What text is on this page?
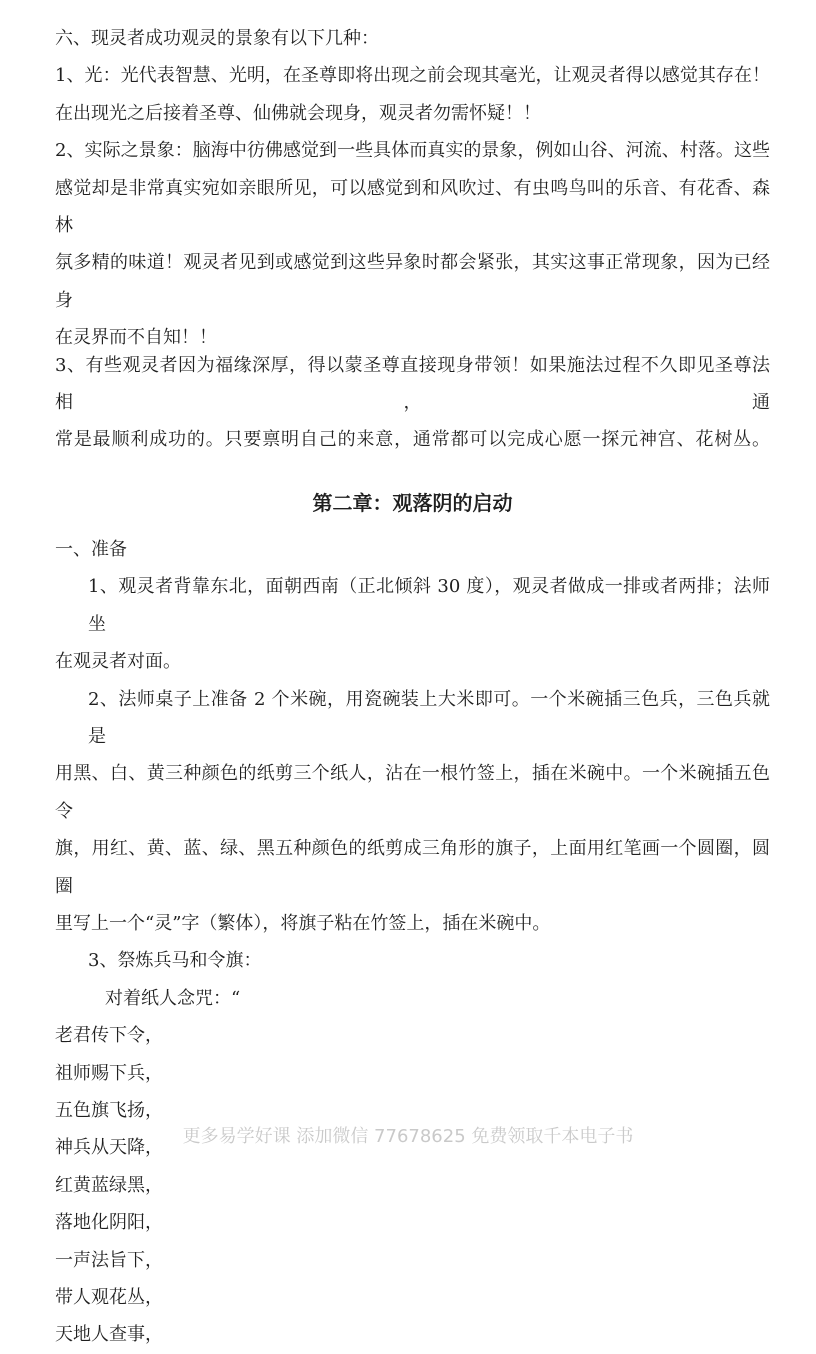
六、现灵者成功观灵的景象有以下几种：

1、光：光代表智慧、光明，在圣尊即将出现之前会现其毫光，让观灵者得以感觉其存在！

在出现光之后接着圣尊、仙佛就会现身，观灵者勿需怀疑！！

2、实际之景象：脑海中彷佛感觉到一些具体而真实的景象，例如山谷、河流、村落。这些

感觉却是非常真实宛如亲眼所见，可以感觉到和风吹过、有虫鸣鸟叫的乐音、有花香、森林

氛多精的味道！观灵者见到或感觉到这些异象时都会紧张，其实这事正常现象，因为已经身

在灵界而不自知！！

3、有些观灵者因为福缘深厚，得以蒙圣尊直接现身带领！如果施法过程不久即见圣尊法相，通

常是最顺利成功的。只要禀明自己的来意，通常都可以完成心愿一探元神宫、花树丛。

第二章：观落阴的启动

一、准备

1、观灵者背靠东北，面朝西南（正北倾斜 30 度），观灵者做成一排或者两排；法师坐

在观灵者对面。

2、法师桌子上准备 2 个米碗，用瓷碗装上大米即可。一个米碗插三色兵，三色兵就是

用黑、白、黄三种颜色的纸剪三个纸人，沾在一根竹签上，插在米碗中。一个米碗插五色令

旗，用红、黄、蓝、绿、黑五种颜色的纸剪成三角形的旗子，上面用红笔画一个圆圈，圆圈

里写上一个“灵”字（繁体），将旗子粘在竹签上，插在米碗中。

3、祭炼兵马和令旗：

对着纸人念咒：“

老君传下令，

祖师赐下兵，

五色旗飞扬，

神兵从天降，

红黄蓝绿黑，

落地化阴阳，

一声法旨下，

带人观花丛，

天地人查事，

更多易学好课 添加微信 77678625 免费领取千本电子书
